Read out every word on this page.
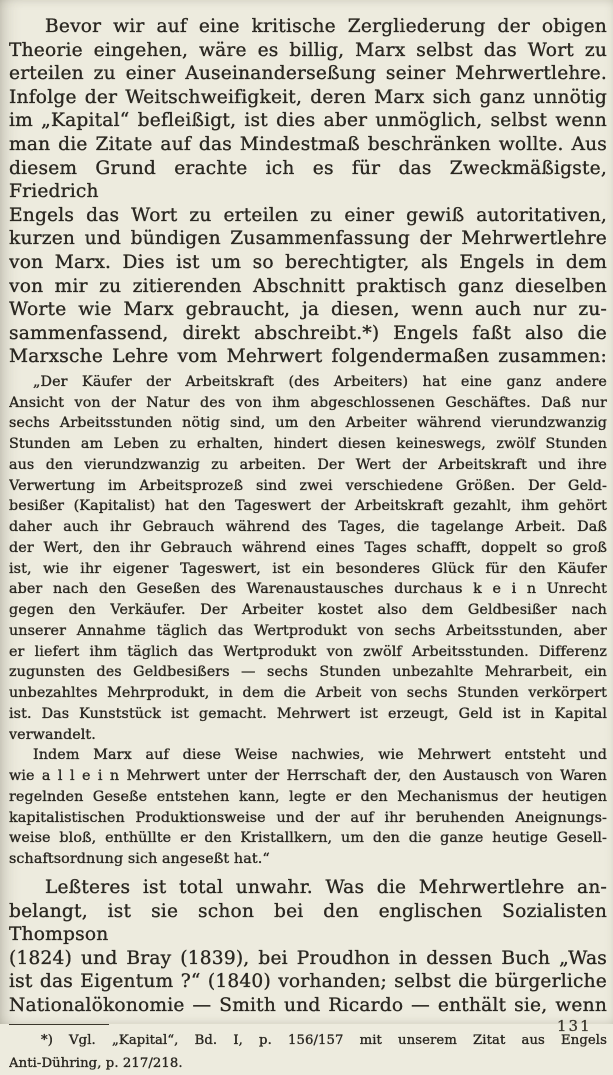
Bevor wir auf eine kritische Zergliederung der obigen
Theorie eingehen, wäre es billig, Marx selbst das Wort zu
erteilen zu einer Auseinanderseßung seiner Mehrwertlehre.
Infolge der Weitschweifigkeit, deren Marx sich ganz unnötig
im „Kapital“ befleißigt, ist dies aber unmöglich, selbst wenn
man die Zitate auf das Mindestmaß beschränken wollte. Aus
diesem Grund erachte ich es für das Zweckmäßigste, Friedrich
Engels das Wort zu erteilen zu einer gewiß autoritativen,
kurzen und bündigen Zusammenfassung der Mehrwertlehre
von Marx. Dies ist um so berechtigter, als Engels in dem
von mir zu zitierenden Abschnitt praktisch ganz dieselben
Worte wie Marx gebraucht, ja diesen, wenn auch nur zu-
sammenfassend, direkt abschreibt.*) Engels faßt also die
Marxsche Lehre vom Mehrwert folgendermaßen zusammen:
„Der Käufer der Arbeitskraft (des Arbeiters) hat eine ganz andere
Ansicht von der Natur des von ihm abgeschlossenen Geschäftes. Daß nur
sechs Arbeitsstunden nötig sind, um den Arbeiter während vierundzwanzig
Stunden am Leben zu erhalten, hindert diesen keineswegs, zwölf Stunden
aus den vierundzwanzig zu arbeiten. Der Wert der Arbeitskraft und ihre
Verwertung im Arbeitsprozeß sind zwei verschiedene Größen. Der Geld-
besißer (Kapitalist) hat den Tageswert der Arbeitskraft gezahlt, ihm gehört
daher auch ihr Gebrauch während des Tages, die tagelange Arbeit. Daß
der Wert, den ihr Gebrauch während eines Tages schafft, doppelt so groß
ist, wie ihr eigener Tageswert, ist ein besonderes Glück für den Käufer
aber nach den Geseßen des Warenaustausches durchaus k e i n Unrecht
gegen den Verkäufer. Der Arbeiter kostet also dem Geldbesißer nach
unserer Annahme täglich das Wertprodukt von sechs Arbeitsstunden, aber
er liefert ihm täglich das Wertprodukt von zwölf Arbeitsstunden. Differenz
zugunsten des Geldbesißers — sechs Stunden unbezahlte Mehrarbeit, ein
unbezahltes Mehrprodukt, in dem die Arbeit von sechs Stunden verkörpert
ist. Das Kunststück ist gemacht. Mehrwert ist erzeugt, Geld ist in Kapital
verwandelt.
Indem Marx auf diese Weise nachwies, wie Mehrwert entsteht und
wie a l l e i n Mehrwert unter der Herrschaft der, den Austausch von Waren
regelnden Geseße entstehen kann, legte er den Mechanismus der heutigen
kapitalistischen Produktionsweise und der auf ihr beruhenden Aneignungs-
weise bloß, enthüllte er den Kristallkern, um den die ganze heutige Gesell-
schaftsordnung sich angeseßt hat.“
Leßteres ist total unwahr. Was die Mehrwertlehre an-
belangt, ist sie schon bei den englischen Sozialisten Thompson
(1824) und Bray (1839), bei Proudhon in dessen Buch „Was
ist das Eigentum ?“ (1840) vorhanden; selbst die bürgerliche
Nationalökonomie — Smith und Ricardo — enthält sie, wenn
*) Vgl. „Kapital“, Bd. I, p. 156/157 mit unserem Zitat aus Engels
Anti-Dühring, p. 217/218.
131
